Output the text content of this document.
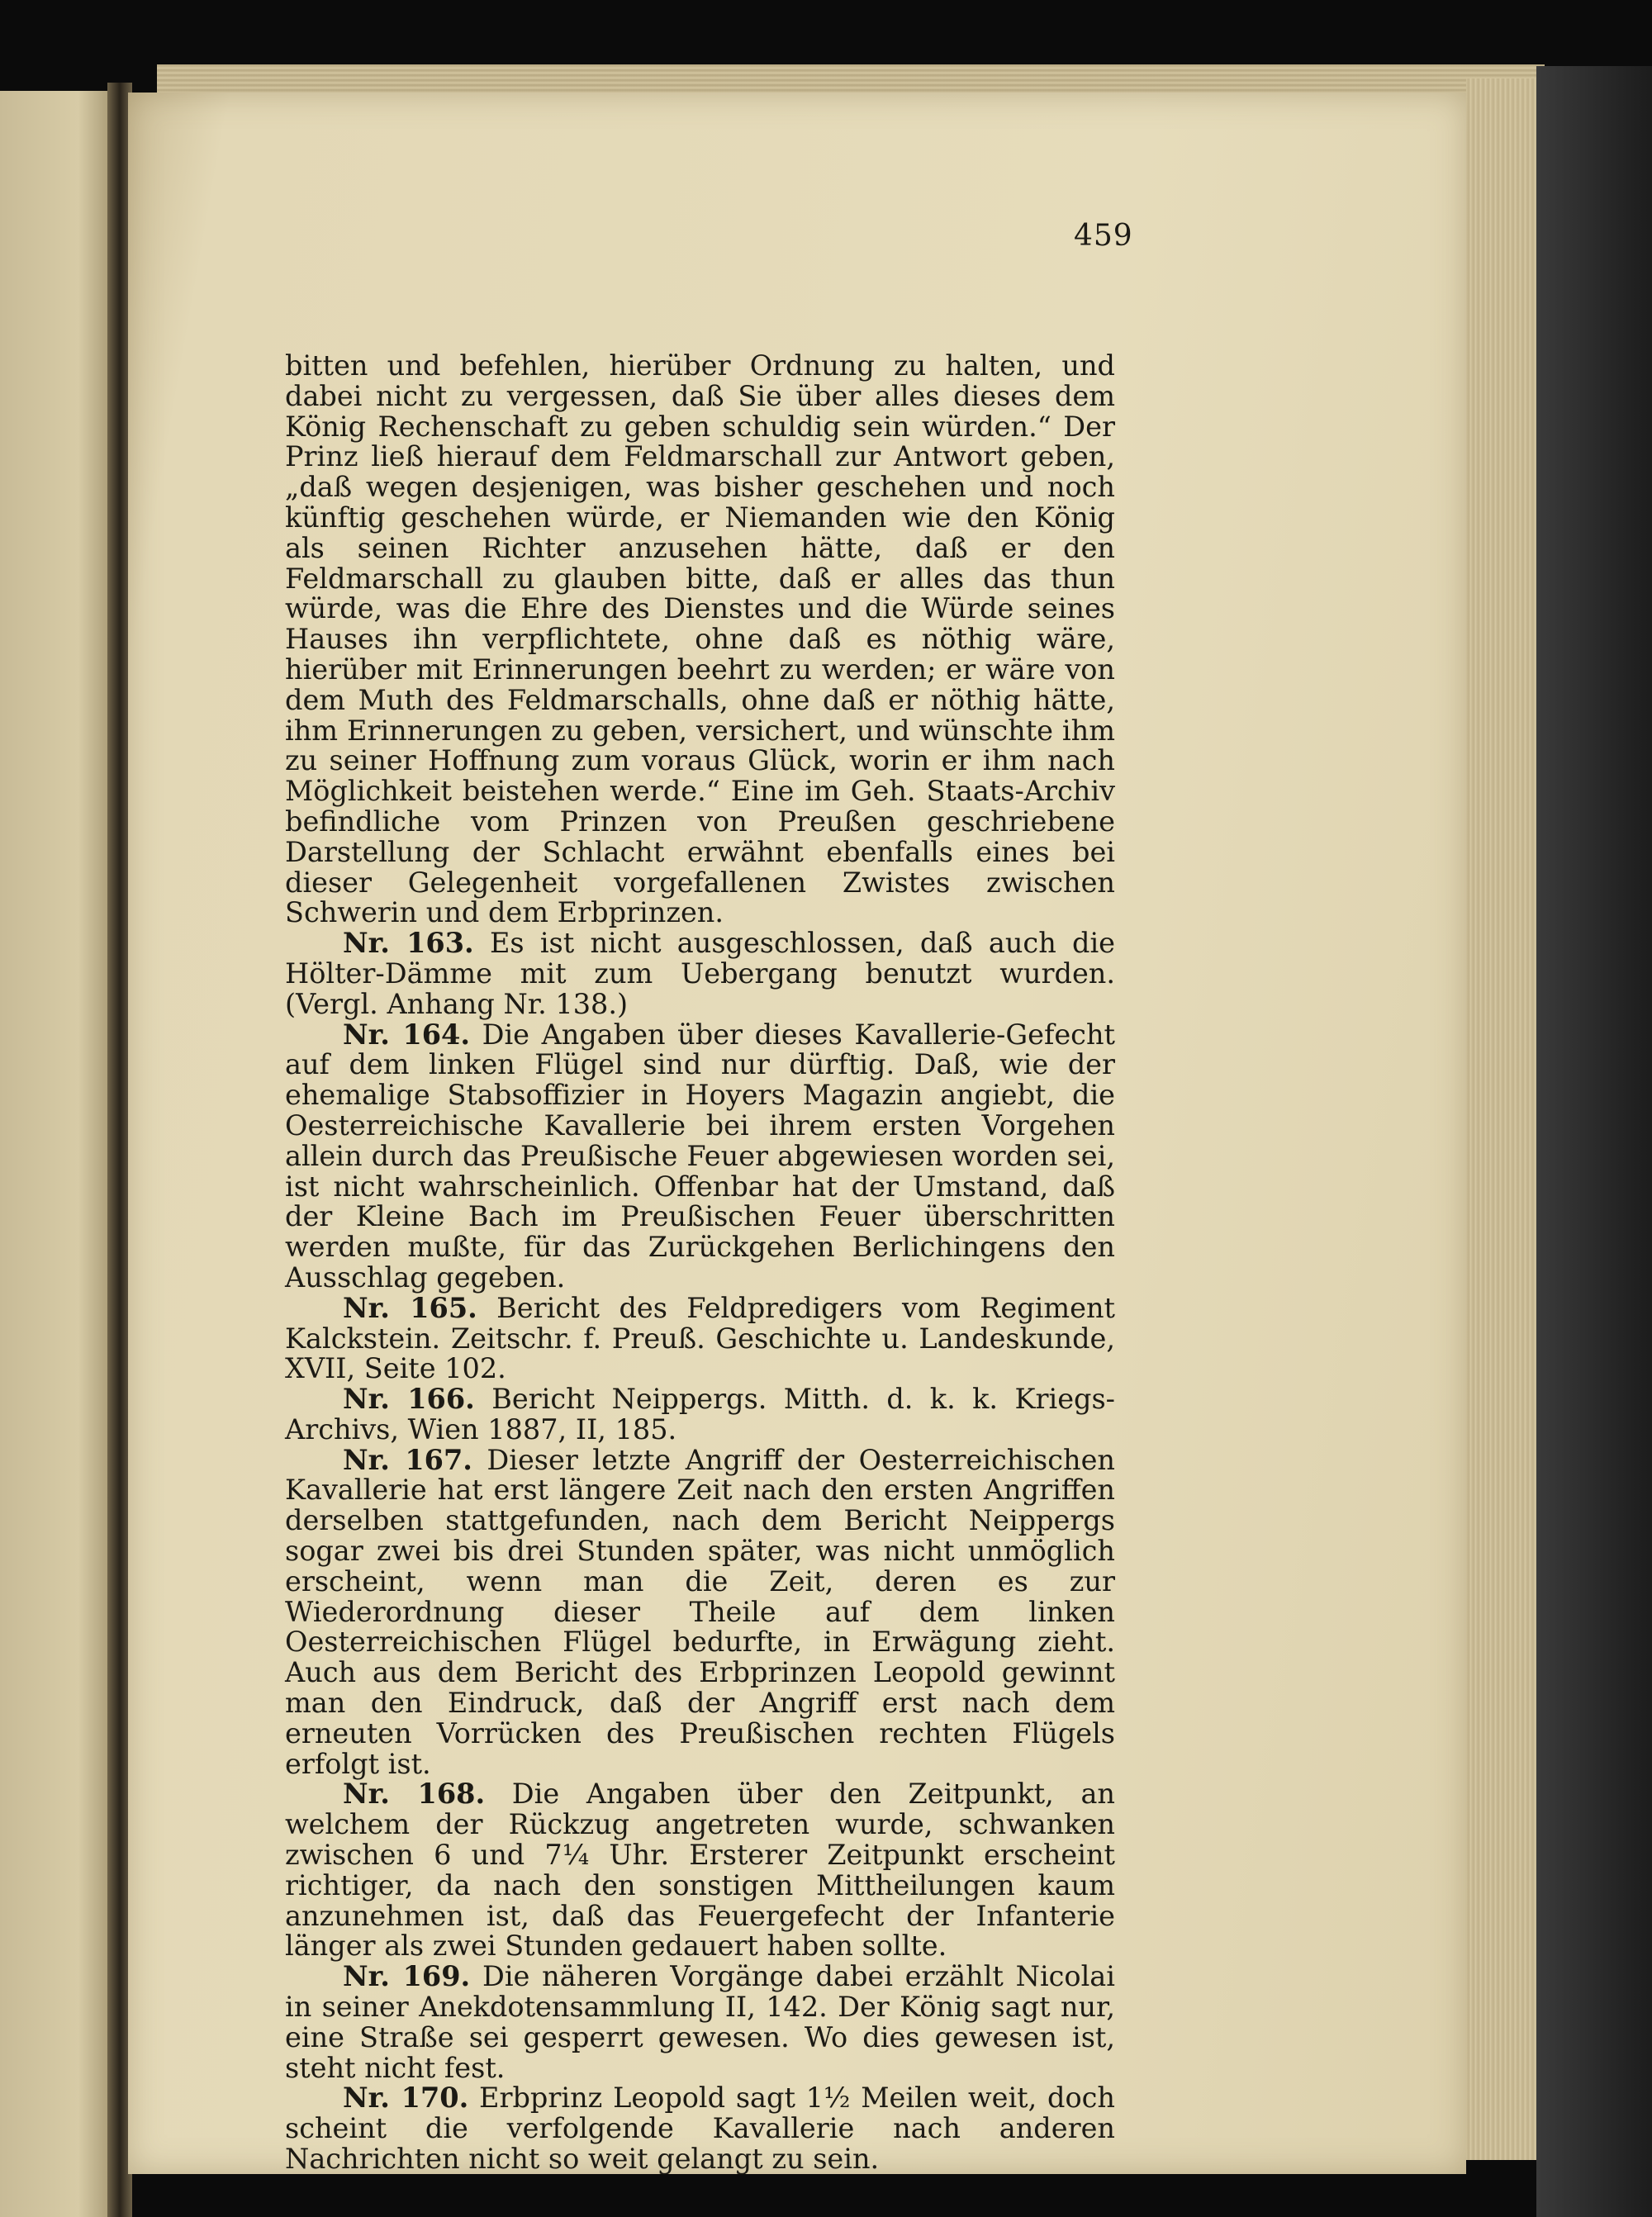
459

bitten und befehlen, hierüber Ordnung zu halten, und dabei nicht zu vergessen, daß Sie über alles dieses dem König Rechenschaft zu geben schuldig sein würden.“ Der Prinz ließ hierauf dem Feldmarschall zur Antwort geben, „daß wegen desjenigen, was bisher geschehen und noch künftig geschehen würde, er Niemanden wie den König als seinen Richter anzusehen hätte, daß er den Feldmarschall zu glauben bitte, daß er alles das thun würde, was die Ehre des Dienstes und die Würde seines Hauses ihn verpflichtete, ohne daß es nöthig wäre, hierüber mit Erinnerungen beehrt zu werden; er wäre von dem Muth des Feldmarschalls, ohne daß er nöthig hätte, ihm Erinnerungen zu geben, versichert, und wünschte ihm zu seiner Hoffnung zum voraus Glück, worin er ihm nach Möglichkeit beistehen werde.“ Eine im Geh. Staats-Archiv befindliche vom Prinzen von Preußen geschriebene Darstellung der Schlacht erwähnt ebenfalls eines bei dieser Gelegenheit vorgefallenen Zwistes zwischen Schwerin und dem Erbprinzen.

Nr. 163. Es ist nicht ausgeschlossen, daß auch die Hölter-Dämme mit zum Uebergang benutzt wurden. (Vergl. Anhang Nr. 138.)

Nr. 164. Die Angaben über dieses Kavallerie-Gefecht auf dem linken Flügel sind nur dürftig. Daß, wie der ehemalige Stabsoffizier in Hoyers Magazin angiebt, die Oesterreichische Kavallerie bei ihrem ersten Vorgehen allein durch das Preußische Feuer abgewiesen worden sei, ist nicht wahrscheinlich. Offenbar hat der Umstand, daß der Kleine Bach im Preußischen Feuer überschritten werden mußte, für das Zurückgehen Berlichingens den Ausschlag gegeben.

Nr. 165. Bericht des Feldpredigers vom Regiment Kalckstein. Zeitschr. f. Preuß. Geschichte u. Landeskunde, XVII, Seite 102.

Nr. 166. Bericht Neippergs. Mitth. d. k. k. Kriegs-Archivs, Wien 1887, II, 185.

Nr. 167. Dieser letzte Angriff der Oesterreichischen Kavallerie hat erst längere Zeit nach den ersten Angriffen derselben stattgefunden, nach dem Bericht Neippergs sogar zwei bis drei Stunden später, was nicht unmöglich erscheint, wenn man die Zeit, deren es zur Wiederordnung dieser Theile auf dem linken Oesterreichischen Flügel bedurfte, in Erwägung zieht. Auch aus dem Bericht des Erbprinzen Leopold gewinnt man den Eindruck, daß der Angriff erst nach dem erneuten Vorrücken des Preußischen rechten Flügels erfolgt ist.

Nr. 168. Die Angaben über den Zeitpunkt, an welchem der Rückzug angetreten wurde, schwanken zwischen 6 und 7¼ Uhr. Ersterer Zeitpunkt erscheint richtiger, da nach den sonstigen Mittheilungen kaum anzunehmen ist, daß das Feuergefecht der Infanterie länger als zwei Stunden gedauert haben sollte.

Nr. 169. Die näheren Vorgänge dabei erzählt Nicolai in seiner Anekdotensammlung II, 142. Der König sagt nur, eine Straße sei gesperrt gewesen. Wo dies gewesen ist, steht nicht fest.

Nr. 170. Erbprinz Leopold sagt 1½ Meilen weit, doch scheint die verfolgende Kavallerie nach anderen Nachrichten nicht so weit gelangt zu sein.
